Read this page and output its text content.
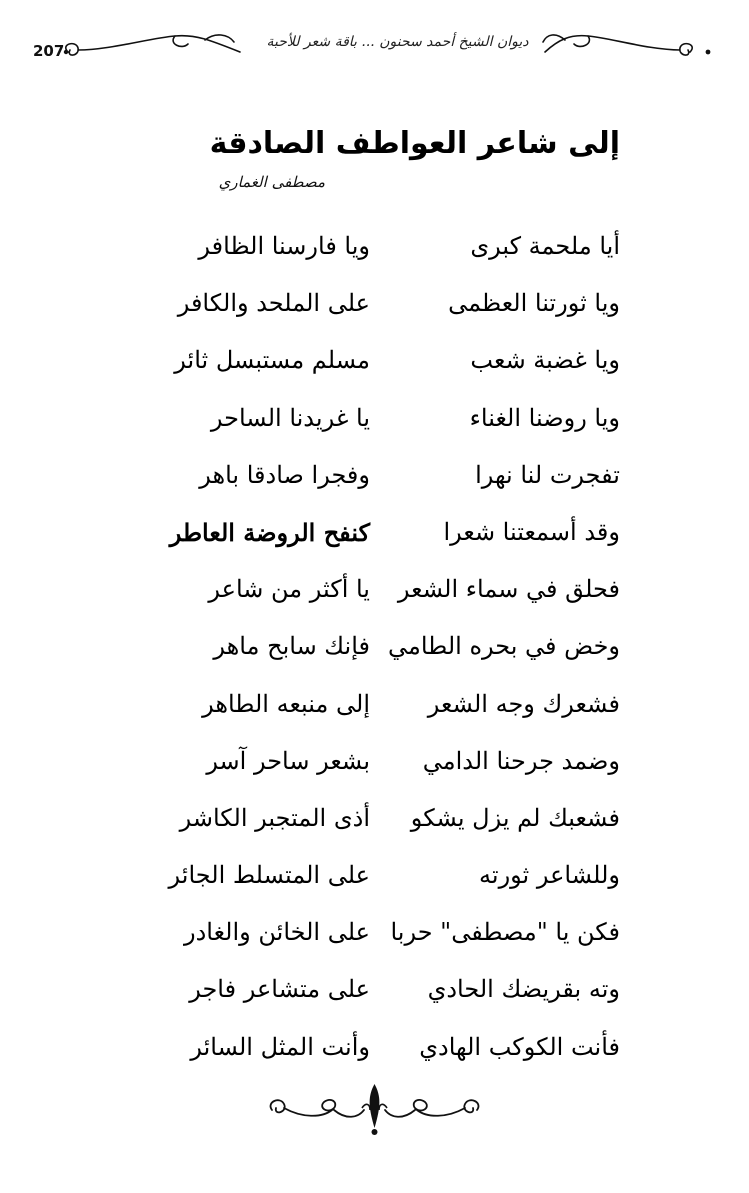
207	ديوان الشيخ أحمد سحنون ... باقة شعر للأحبة
إلى شاعر العواطف الصادقة
مصطفى الغماري
أيا ملحمة كبرى
ويا فارسنا الظافر
ويا ثورتنا العظمى
على الملحد والكافر
ويا غضبة شعب
مسلم مستبسل ثائر
ويا روضنا الغناء
يا غريدنا الساحر
تفجرت لنا نهرا
وفجرا صادقا باهر
وقد أسمعتنا شعرا
كنفح الروضة العاطر
فحلق في سماء الشعر
يا أكثر من شاعر
وخض في بحره الطامي
فإنك سابح ماهر
فشعرك وجه الشعر
إلى منبعه الطاهر
وضمد جرحنا الدامي
بشعر ساحر آسر
فشعبك لم يزل يشكو
أذى المتجبر الكاشر
وللشاعر ثورته
على المتسلط الجائر
فكن يا "مصطفى" حربا
على الخائن والغادر
وته بقريضك الحادي
على متشاعر فاجر
فأنت الكوكب الهادي
وأنت المثل السائر
